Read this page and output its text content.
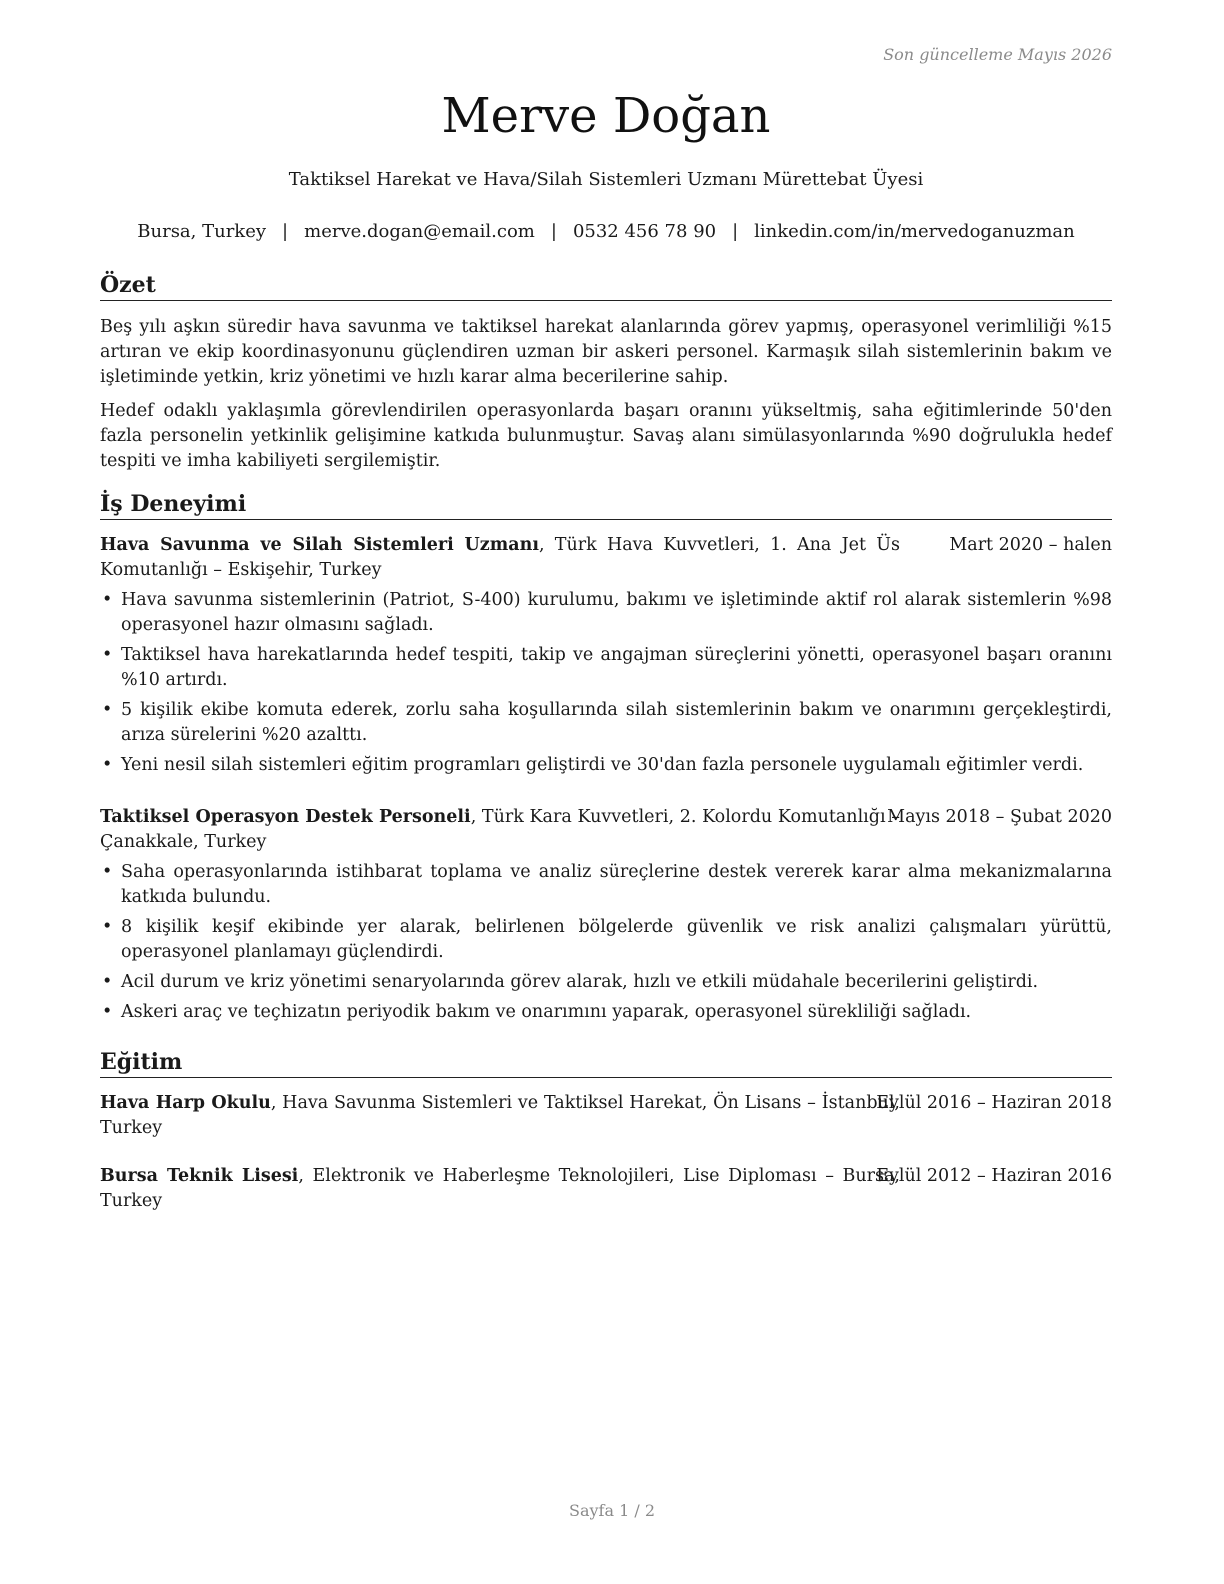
Son güncelleme Mayıs 2026
Merve Doğan
Taktiksel Harekat ve Hava/Silah Sistemleri Uzmanı Mürettebat Üyesi
Bursa, Turkey | merve.dogan@email.com | 0532 456 78 90 | linkedin.com/in/mervedoganuzman
Özet
Beş yılı aşkın süredir hava savunma ve taktiksel harekat alanlarında görev yapmış, operasyonel verimliliği %15 artıran ve ekip koordinasyonunu güçlendiren uzman bir askeri personel. Karmaşık silah sistemlerinin bakım ve işletiminde yetkin, kriz yönetimi ve hızlı karar alma becerilerine sahip.
Hedef odaklı yaklaşımla görevlendirilen operasyonlarda başarı oranını yükseltmiş, saha eğitimlerinde 50'den fazla personelin yetkinlik gelişimine katkıda bulunmuştur. Savaş alanı simülasyonlarında %90 doğrulukla hedef tespiti ve imha kabiliyeti sergilemiştir.
İş Deneyimi
Hava Savunma ve Silah Sistemleri Uzmanı, Türk Hava Kuvvetleri, 1. Ana Jet Üs Komutanlığı – Eskişehir, Turkey
Mart 2020 – halen
• Hava savunma sistemlerinin (Patriot, S-400) kurulumu, bakımı ve işletiminde aktif rol alarak sistemlerin %98 operasyonel hazır olmasını sağladı.
• Taktiksel hava harekatlarında hedef tespiti, takip ve angajman süreçlerini yönetti, operasyonel başarı oranını %10 artırdı.
• 5 kişilik ekibe komuta ederek, zorlu saha koşullarında silah sistemlerinin bakım ve onarımını gerçekleştirdi, arıza sürelerini %20 azalttı.
• Yeni nesil silah sistemleri eğitim programları geliştirdi ve 30'dan fazla personele uygulamalı eğitimler verdi.
Taktiksel Operasyon Destek Personeli, Türk Kara Kuvvetleri, 2. Kolordu Komutanlığı – Çanakkale, Turkey
Mayıs 2018 – Şubat 2020
• Saha operasyonlarında istihbarat toplama ve analiz süreçlerine destek vererek karar alma mekanizmalarına katkıda bulundu.
• 8 kişilik keşif ekibinde yer alarak, belirlenen bölgelerde güvenlik ve risk analizi çalışmaları yürüttü, operasyonel planlamayı güçlendirdi.
• Acil durum ve kriz yönetimi senaryolarında görev alarak, hızlı ve etkili müdahale becerilerini geliştirdi.
• Askeri araç ve teçhizatın periyodik bakım ve onarımını yaparak, operasyonel sürekliliği sağladı.
Eğitim
Hava Harp Okulu, Hava Savunma Sistemleri ve Taktiksel Harekat, Ön Lisans – İstanbul, Turkey
Eylül 2016 – Haziran 2018
Bursa Teknik Lisesi, Elektronik ve Haberleşme Teknolojileri, Lise Diploması – Bursa, Turkey
Eylül 2012 – Haziran 2016
Sayfa 1 / 2
